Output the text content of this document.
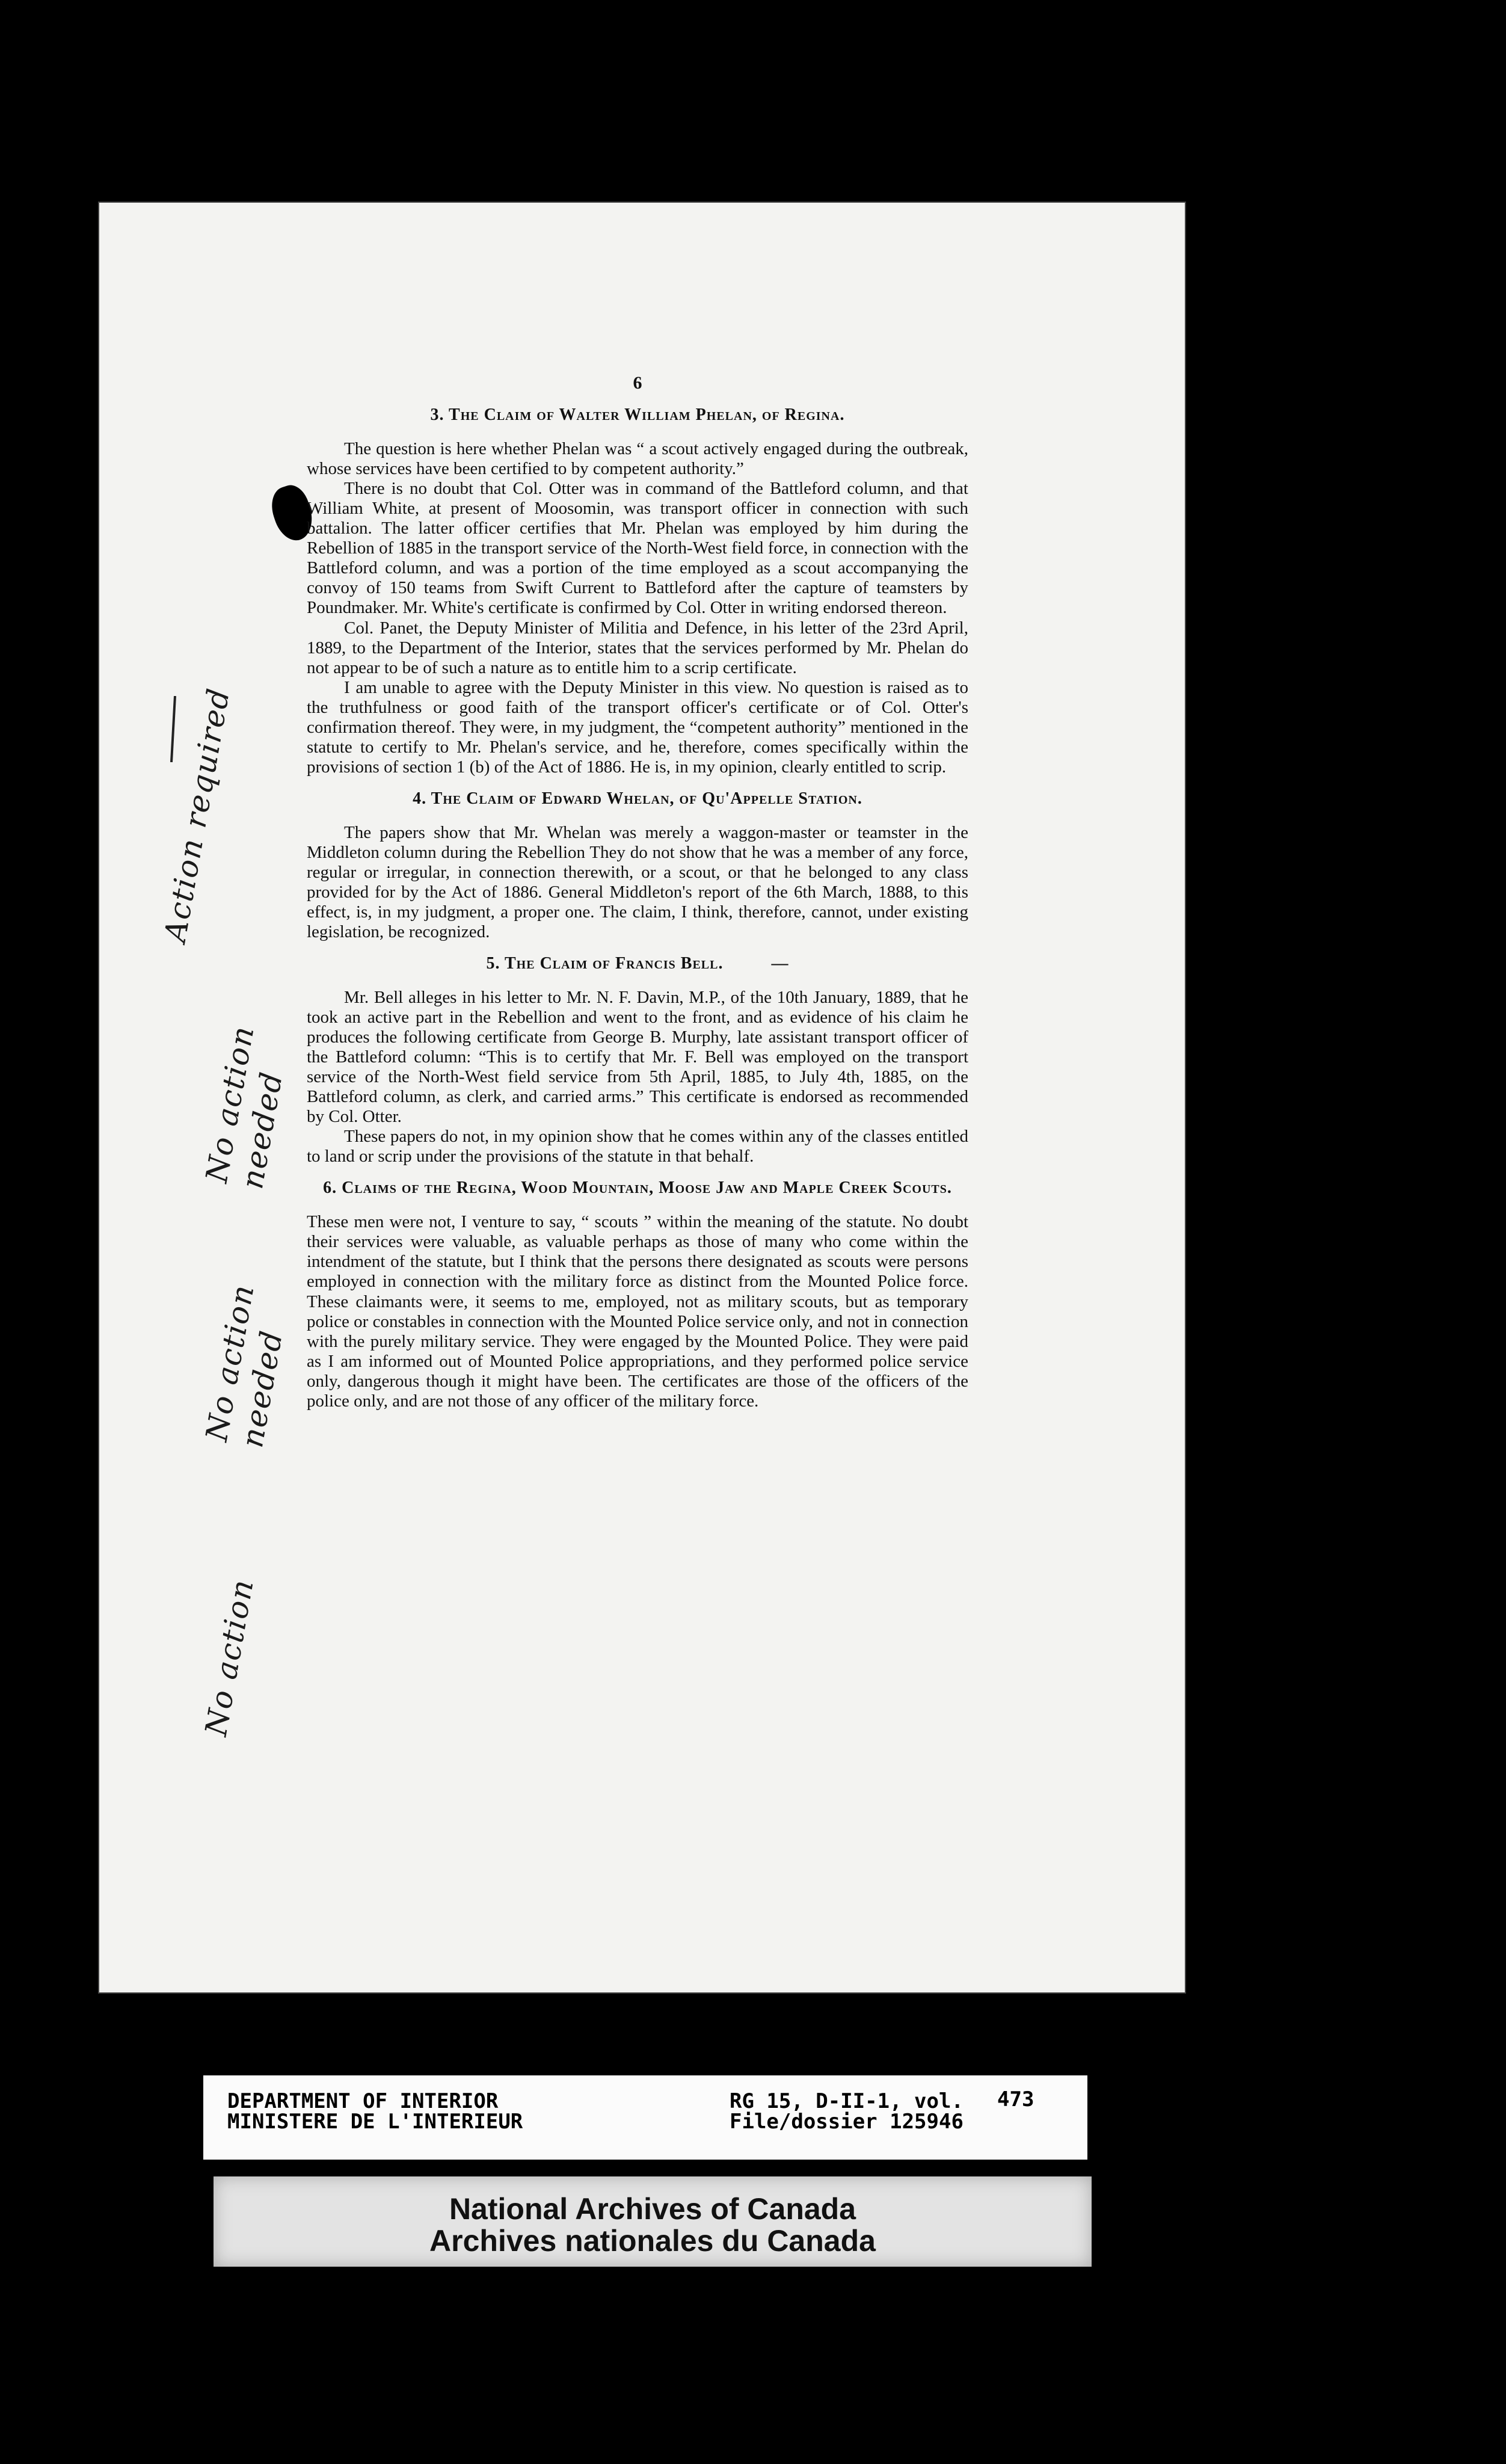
6
3. The Claim of Walter William Phelan, of Regina.

The question is here whether Phelan was “ a scout actively engaged during the outbreak, whose services have been certified to by competent authority.”

There is no doubt that Col. Otter was in command of the Battleford column, and that William White, at present of Moosomin, was transport officer in connection with such battalion. The latter officer certifies that Mr. Phelan was employed by him during the Rebellion of 1885 in the transport service of the North-West field force, in connection with the Battleford column, and was a portion of the time employed as a scout accompanying the convoy of 150 teams from Swift Current to Battleford after the capture of teamsters by Poundmaker. Mr. White's certificate is confirmed by Col. Otter in writing endorsed thereon.

Col. Panet, the Deputy Minister of Militia and Defence, in his letter of the 23rd April, 1889, to the Department of the Interior, states that the services performed by Mr. Phelan do not appear to be of such a nature as to entitle him to a scrip certificate.

I am unable to agree with the Deputy Minister in this view. No question is raised as to the truthfulness or good faith of the transport officer's certificate or of Col. Otter's confirmation thereof. They were, in my judgment, the “competent authority” mentioned in the statute to certify to Mr. Phelan's service, and he, therefore, comes specifically within the provisions of section 1 (b) of the Act of 1886. He is, in my opinion, clearly entitled to scrip.

4. The Claim of Edward Whelan, of Qu'Appelle Station.

The papers show that Mr. Whelan was merely a waggon-master or teamster in the Middleton column during the Rebellion They do not show that he was a member of any force, regular or irregular, in connection therewith, or a scout, or that he belonged to any class provided for by the Act of 1886. General Middleton's report of the 6th March, 1888, to this effect, is, in my judgment, a proper one. The claim, I think, therefore, cannot, under existing legislation, be recognized.

5. The Claim of Francis Bell.	—

Mr. Bell alleges in his letter to Mr. N. F. Davin, M.P., of the 10th January, 1889, that he took an active part in the Rebellion and went to the front, and as evidence of his claim he produces the following certificate from George B. Murphy, late assistant transport officer of the Battleford column: “This is to certify that Mr. F. Bell was employed on the transport service of the North-West field service from 5th April, 1885, to July 4th, 1885, on the Battleford column, as clerk, and carried arms.” This certificate is endorsed as recommended by Col. Otter.

These papers do not, in my opinion show that he comes within any of the classes entitled to land or scrip under the provisions of the statute in that behalf.

6. Claims of the Regina, Wood Mountain, Moose Jaw and Maple Creek Scouts.

These men were not, I venture to say, “ scouts ” within the meaning of the statute. No doubt their services were valuable, as valuable perhaps as those of many who come within the intendment of the statute, but I think that the persons there designated as scouts were persons employed in connection with the military force as distinct from the Mounted Police force. These claimants were, it seems to me, employed, not as military scouts, but as temporary police or constables in connection with the Mounted Police service only, and not in connection with the purely military service. They were engaged by the Mounted Police. They were paid as I am informed out of Mounted Police appropriations, and they performed police service only, dangerous though it might have been. The certificates are those of the officers of the police only, and are not those of any officer of the military force.

Action required
No action
needed
No action
needed
No action
DEPARTMENT OF INTERIOR
MINISTERE DE L'INTERIEUR
RG 15, D-II-1, vol.
File/dossier 125946
473
National Archives of Canada
Archives nationales du Canada
